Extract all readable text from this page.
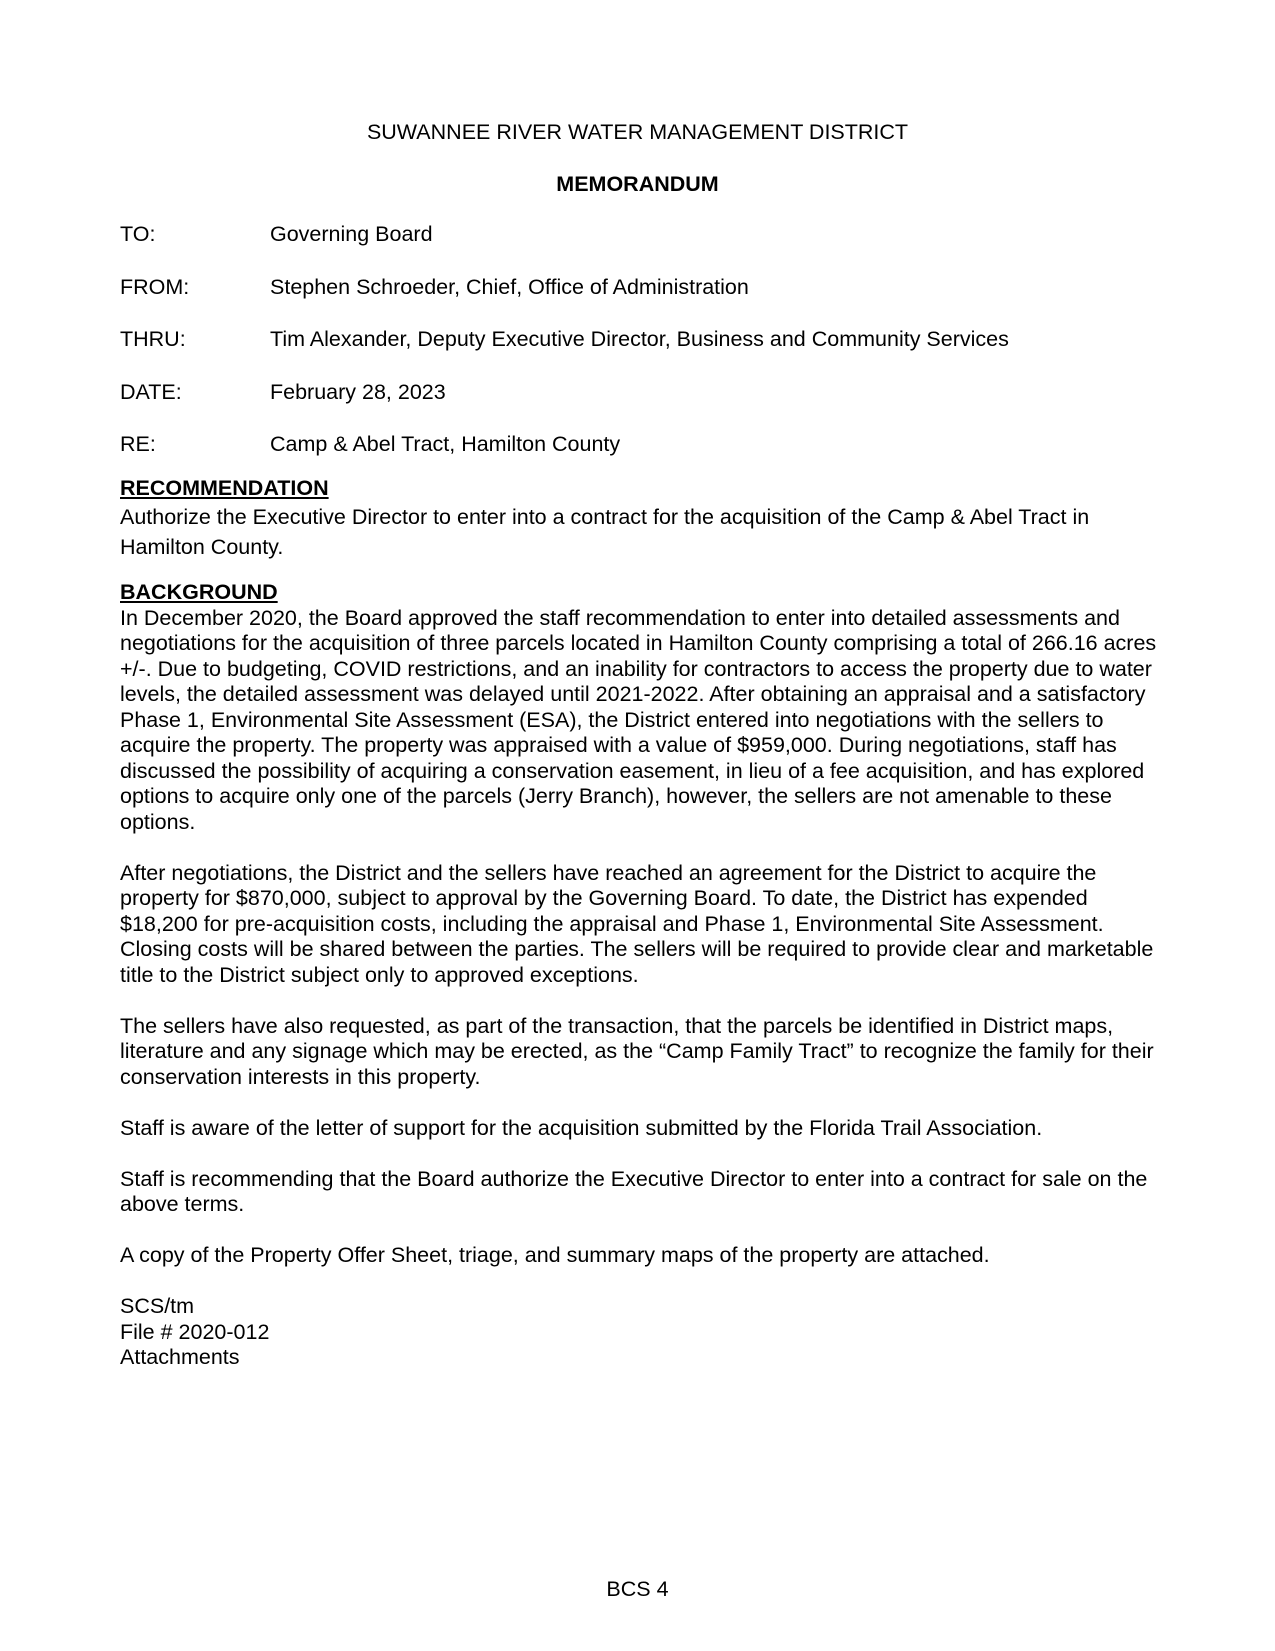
SUWANNEE RIVER WATER MANAGEMENT DISTRICT
MEMORANDUM
TO:	Governing Board
FROM:	Stephen Schroeder, Chief, Office of Administration
THRU:	Tim Alexander, Deputy Executive Director, Business and Community Services
DATE:	February 28, 2023
RE:	Camp & Abel Tract, Hamilton County

RECOMMENDATION

Authorize the Executive Director to enter into a contract for the acquisition of the Camp & Abel Tract in Hamilton County.

BACKGROUND

In December 2020, the Board approved the staff recommendation to enter into detailed assessments and negotiations for the acquisition of three parcels located in Hamilton County comprising a total of 266.16 acres +/-. Due to budgeting, COVID restrictions, and an inability for contractors to access the property due to water levels, the detailed assessment was delayed until 2021-2022. After obtaining an appraisal and a satisfactory Phase 1, Environmental Site Assessment (ESA), the District entered into negotiations with the sellers to acquire the property. The property was appraised with a value of $959,000. During negotiations, staff has discussed the possibility of acquiring a conservation easement, in lieu of a fee acquisition, and has explored options to acquire only one of the parcels (Jerry Branch), however, the sellers are not amenable to these options.

After negotiations, the District and the sellers have reached an agreement for the District to acquire the property for $870,000, subject to approval by the Governing Board. To date, the District has expended $18,200 for pre-acquisition costs, including the appraisal and Phase 1, Environmental Site Assessment. Closing costs will be shared between the parties. The sellers will be required to provide clear and marketable title to the District subject only to approved exceptions.

The sellers have also requested, as part of the transaction, that the parcels be identified in District maps, literature and any signage which may be erected, as the “Camp Family Tract” to recognize the family for their conservation interests in this property.

Staff is aware of the letter of support for the acquisition submitted by the Florida Trail Association.

Staff is recommending that the Board authorize the Executive Director to enter into a contract for sale on the above terms.

A copy of the Property Offer Sheet, triage, and summary maps of the property are attached.

SCS/tm

File # 2020-012

Attachments

BCS 4
